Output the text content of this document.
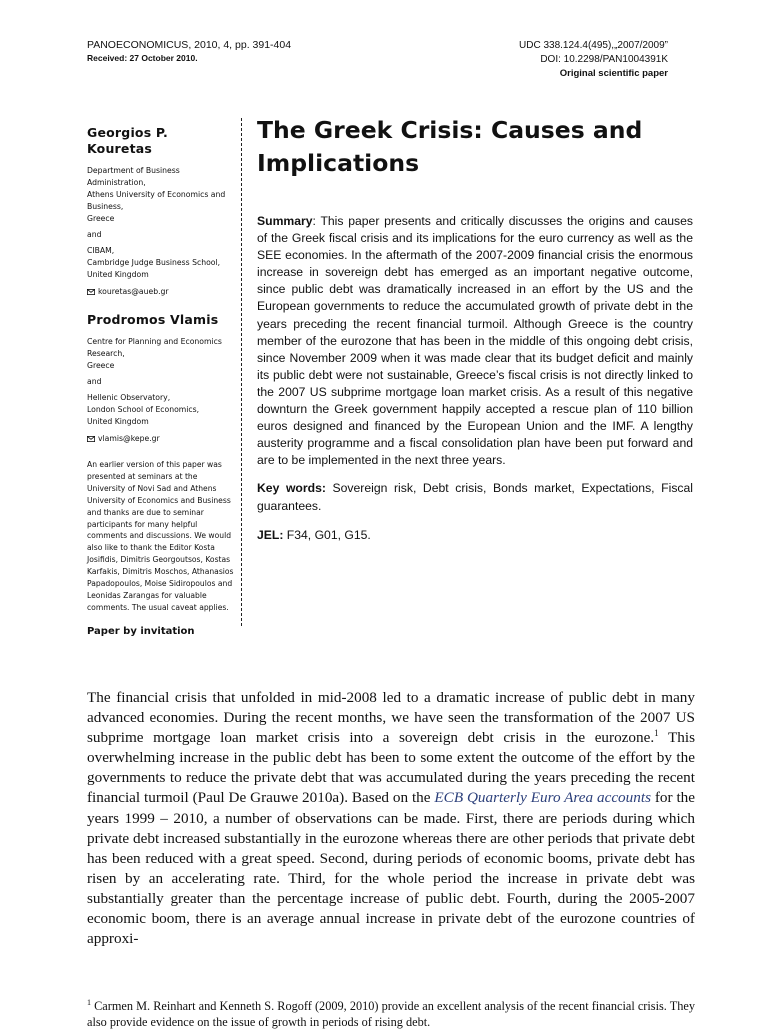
PANOECONOMICUS, 2010, 4, pp. 391-404
Received: 27 October 2010.
UDC 338.124.4(495),„2007/2009”
DOI: 10.2298/PAN1004391K
Original scientific paper
Georgios P.
Kouretas
Department of Business Administration,
Athens University of Economics and
Business,
Greece
and
CIBAM,
Cambridge Judge Business School,
United Kingdom
kouretas@aueb.gr
Prodromos Vlamis
Centre for Planning and Economics
Research,
Greece
and
Hellenic Observatory,
London School of Economics,
United Kingdom
vlamis@kepe.gr
An earlier version of this paper was presented at seminars at the University of Novi Sad and Athens University of Economics and Business and thanks are due to seminar participants for many helpful comments and discussions. We would also like to thank the Editor Kosta Josifidis, Dimitris Georgoutsos, Kostas Karfakis, Dimitris Moschos, Athanasios Papadopoulos, Moise Sidiropoulos and Leonidas Zarangas for valuable comments. The usual caveat applies.
Paper by invitation
The Greek Crisis: Causes and Implications

Summary: This paper presents and critically discusses the origins and causes of the Greek fiscal crisis and its implications for the euro currency as well as the SEE economies. In the aftermath of the 2007-2009 financial crisis the enormous increase in sovereign debt has emerged as an important negative outcome, since public debt was dramatically increased in an effort by the US and the European governments to reduce the accumulated growth of private debt in the years preceding the recent financial turmoil. Although Greece is the country member of the eurozone that has been in the middle of this ongoing debt crisis, since November 2009 when it was made clear that its budget deficit and mainly its public debt were not sustainable, Greece’s fiscal crisis is not directly linked to the 2007 US subprime mortgage loan market crisis. As a result of this negative downturn the Greek government happily accepted a rescue plan of 110 billion euros designed and financed by the European Union and the IMF. A lengthy austerity programme and a fiscal consolidation plan have been put forward and are to be implemented in the next three years.

Key words: Sovereign risk, Debt crisis, Bonds market, Expectations, Fiscal guarantees.

JEL: F34, G01, G15.

The financial crisis that unfolded in mid-2008 led to a dramatic increase of public debt in many advanced economies. During the recent months, we have seen the transformation of the 2007 US subprime mortgage loan market crisis into a sovereign debt crisis in the eurozone.$^1$ This overwhelming increase in the public debt has been to some extent the outcome of the effort by the governments to reduce the private debt that was accumulated during the years preceding the recent financial turmoil (Paul De Grauwe 2010a). Based on the ECB Quarterly Euro Area accounts for the years 1999 – 2010, a number of observations can be made. First, there are periods during which private debt increased substantially in the eurozone whereas there are other periods that private debt has been reduced with a great speed. Second, during periods of economic booms, private debt has risen by an accelerating rate. Third, for the whole period the increase in private debt was substantially greater than the percentage increase of public debt. Fourth, during the 2005-2007 economic boom, there is an average annual increase in private debt of the eurozone countries of approxi-

$^1$ Carmen M. Reinhart and Kenneth S. Rogoff (2009, 2010) provide an excellent analysis of the recent financial crisis. They also provide evidence on the issue of growth in periods of rising debt.
